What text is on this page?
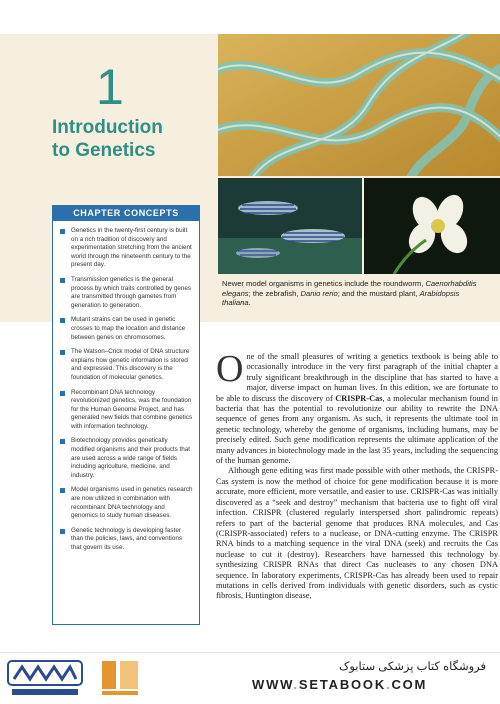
1
Introduction
to Genetics
Newer model organisms in genetics include the roundworm, Caenorhabditis elegans; the zebrafish, Danio rerio; and the mustard plant, Arabidopsis thaliana.
CHAPTER CONCEPTS
Genetics in the twenty-first century is built on a rich tradition of discovery and experimentation stretching from the ancient world through the nineteenth century to the present day.
Transmission genetics is the general process by which traits controlled by genes are transmitted through gametes from generation to generation.
Mutant strains can be used in genetic crosses to map the location and distance between genes on chromosomes.
The Watson–Crick model of DNA structure explains how genetic information is stored and expressed. This discovery is the foundation of molecular genetics.
Recombinant DNA technology revolutionized genetics, was the foundation for the Human Genome Project, and has generated new fields that combine genetics with information technology.
Biotechnology provides genetically modified organisms and their products that are used across a wide range of fields including agriculture, medicine, and industry.
Model organisms used in genetics research are now utilized in combination with recombinant DNA technology and genomics to study human diseases.
Genetic technology is developing faster than the policies, laws, and conventions that govern its use.

One of the small pleasures of writing a genetics textbook is being able to occasionally introduce in the very first paragraph of the initial chapter a truly significant breakthrough in the discipline that has started to have a major, diverse impact on human lives. In this edition, we are fortunate to be able to discuss the discovery of CRISPR-Cas, a molecular mechanism found in bacteria that has the potential to revolutionize our ability to rewrite the DNA sequence of genes from any organism. As such, it represents the ultimate tool in genetic technology, whereby the genome of organisms, including humans, may be precisely edited. Such gene modification represents the ultimate application of the many advances in biotechnology made in the last 35 years, including the sequencing of the human genome.

Although gene editing was first made possible with other methods, the CRISPR-Cas system is now the method of choice for gene modification because it is more accurate, more efficient, more versatile, and easier to use. CRISPR-Cas was initially discovered as a “seek and destroy” mechanism that bacteria use to fight off viral infection. CRISPR (clustered regularly interspersed short palindromic repeats) refers to part of the bacterial genome that produces RNA molecules, and Cas (CRISPR-associated) refers to a nuclease, or DNA-cutting enzyme. The CRISPR RNA binds to a matching sequence in the viral DNA (seek) and recruits the Cas nuclease to cut it (destroy). Researchers have harnessed this technology by synthesizing CRISPR RNAs that direct Cas nucleases to any chosen DNA sequence. In laboratory experiments, CRISPR-Cas has already been used to repair mutations in cells derived from individuals with genetic disorders, such as cystic fibrosis, Huntington disease,

فروشگاه کتاب پزشکی ستابوک
WWW.SETABOOK.COM
